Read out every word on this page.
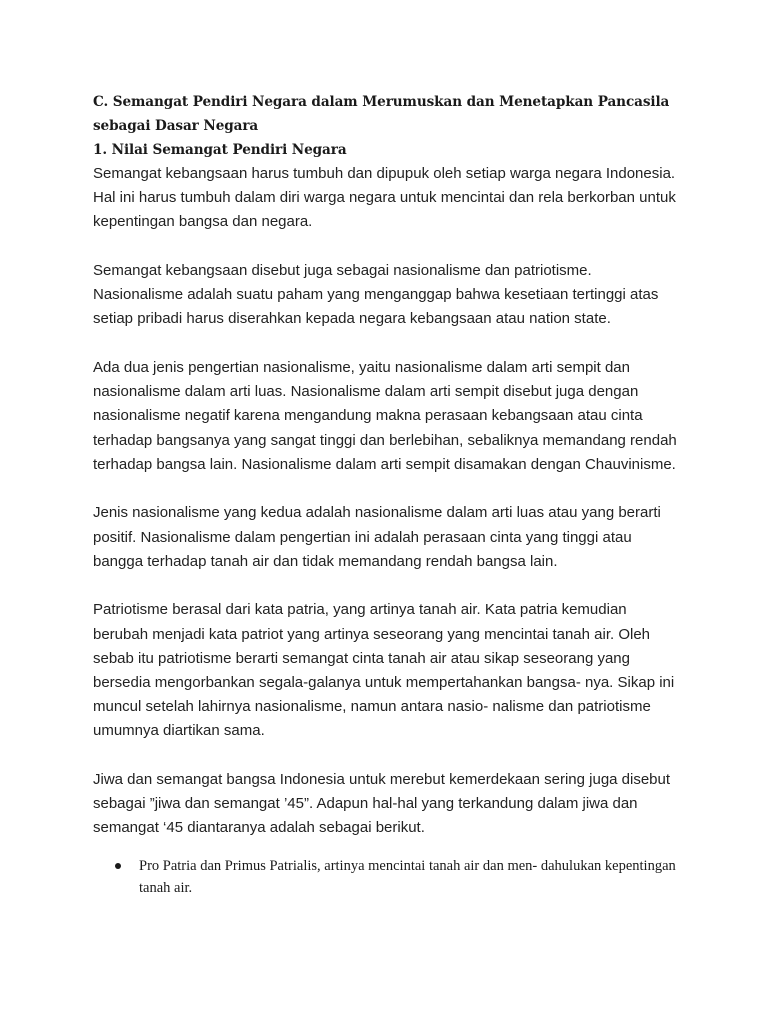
C. Semangat Pendiri Negara dalam Merumuskan dan Menetapkan Pancasila sebagai Dasar Negara

1. Nilai Semangat Pendiri Negara

Semangat kebangsaan harus tumbuh dan dipupuk oleh setiap warga negara Indonesia. Hal ini harus tumbuh dalam diri warga negara untuk mencintai dan rela berkorban untuk kepentingan bangsa dan negara.

Semangat kebangsaan disebut juga sebagai nasionalisme dan patriotisme. Nasionalisme adalah suatu paham yang menganggap bahwa kesetiaan tertinggi atas setiap pribadi harus diserahkan kepada negara kebangsaan atau nation state.

Ada dua jenis pengertian nasionalisme, yaitu nasionalisme dalam arti sempit dan nasionalisme dalam arti luas. Nasionalisme dalam arti sempit disebut juga dengan nasionalisme negatif karena mengandung makna perasaan kebangsaan atau cinta terhadap bangsanya yang sangat tinggi dan berlebihan, sebaliknya memandang rendah terhadap bangsa lain. Nasionalisme dalam arti sempit disamakan dengan Chauvinisme.

Jenis nasionalisme yang kedua adalah nasionalisme dalam arti luas atau yang berarti positif. Nasionalisme dalam pengertian ini adalah perasaan cinta yang tinggi atau bangga terhadap tanah air dan tidak memandang rendah bangsa lain.

Patriotisme berasal dari kata patria, yang artinya tanah air. Kata patria kemudian berubah menjadi kata patriot yang artinya seseorang yang mencintai tanah air. Oleh sebab itu patriotisme berarti semangat cinta tanah air atau sikap seseorang yang bersedia mengorbankan segala-galanya untuk mempertahankan bangsa- nya. Sikap ini muncul setelah lahirnya nasionalisme, namun antara nasio- nalisme dan patriotisme umumnya diartikan sama.

Jiwa dan semangat bangsa Indonesia untuk merebut kemerdekaan sering juga disebut sebagai ”jiwa dan semangat ’45”. Adapun hal-hal yang terkandung dalam jiwa dan semangat ‘45 diantaranya adalah sebagai berikut.

Pro Patria dan Primus Patrialis, artinya mencintai tanah air dan men- dahulukan kepentingan tanah air.
